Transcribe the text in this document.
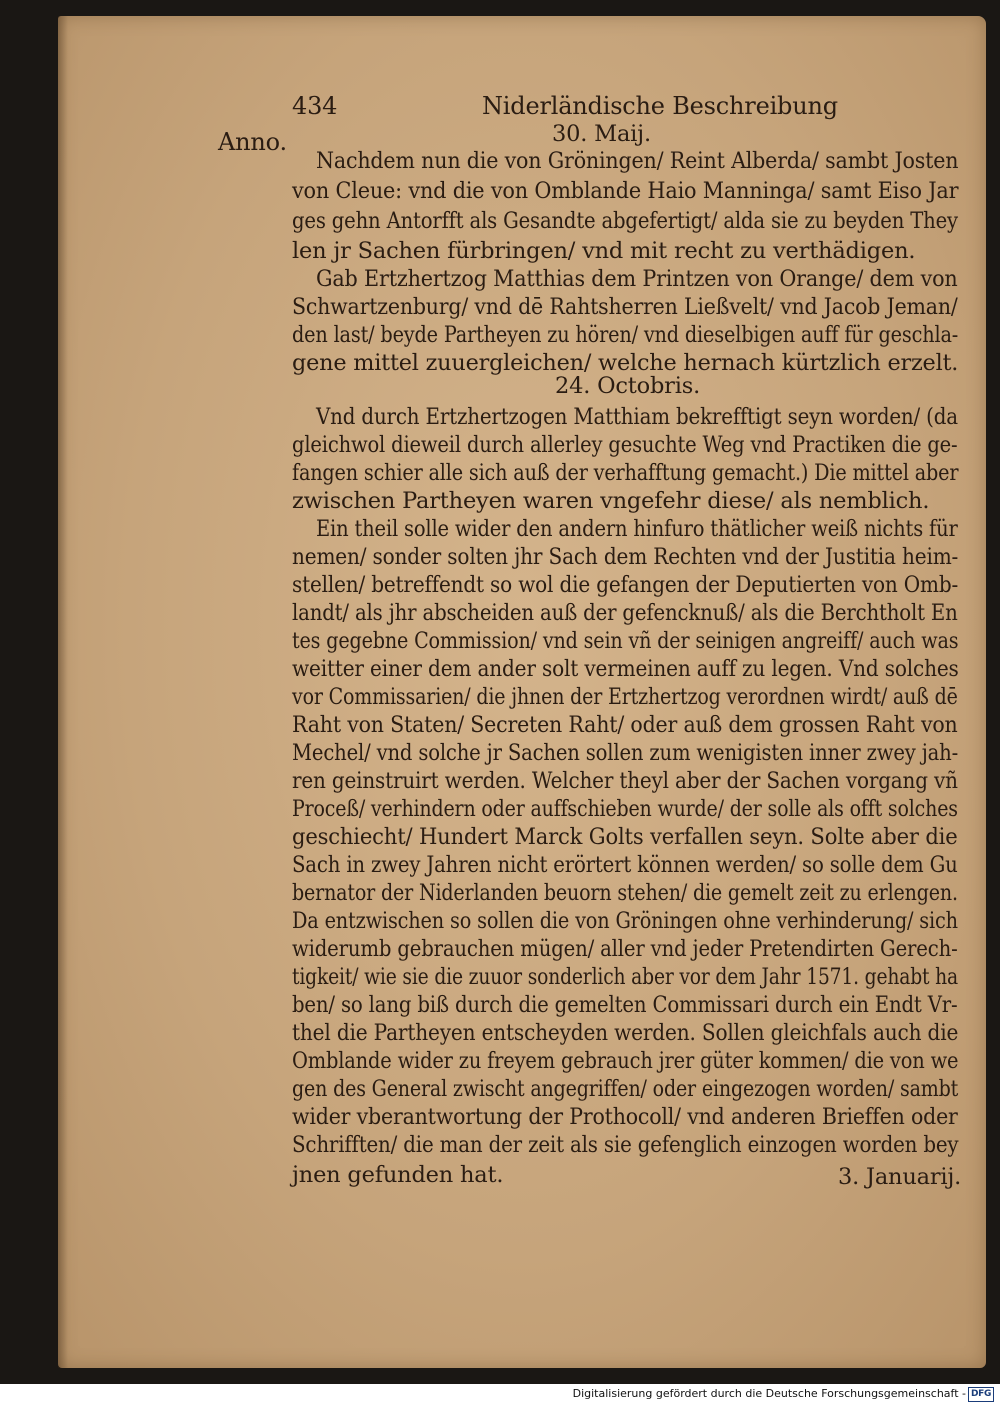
434	Niderländische Beschreibung
Anno.	30. Maij.
24. Octobris.
3. Januarij.
Nachdem nun die von Gröningen/ Reint Alberda/ sambt Josten
von Cleue: vnd die von Omblande Haio Manninga/ samt Eiso Jar
ges gehn Antorfft als Gesandte abgefertigt/ alda sie zu beyden They
len jr Sachen fürbringen/ vnd mit recht zu verthädigen.
Gab Ertzhertzog Matthias dem Printzen von Orange/ dem von
Schwartzenburg/ vnd dē Rahtsherren Ließvelt/ vnd Jacob Jeman/
den last/ beyde Partheyen zu hören/ vnd dieselbigen auff für geschla-
gene mittel zuuergleichen/ welche hernach kürtzlich erzelt.
Vnd durch Ertzhertzogen Matthiam bekrefftigt seyn worden/ (da
gleichwol dieweil durch allerley gesuchte Weg vnd Practiken die ge-
fangen schier alle sich auß der verhafftung gemacht.) Die mittel aber
zwischen Partheyen waren vngefehr diese/ als nemblich.
Ein theil solle wider den andern hinfuro thätlicher weiß nichts für
nemen/ sonder solten jhr Sach dem Rechten vnd der Justitia heim-
stellen/ betreffendt so wol die gefangen der Deputierten von Omb-
landt/ als jhr abscheiden auß der gefencknuß/ als die Berchtholt En
tes gegebne Commission/ vnd sein vñ der seinigen angreiff/ auch was
weitter einer dem ander solt vermeinen auff zu legen. Vnd solches
vor Commissarien/ die jhnen der Ertzhertzog verordnen wirdt/ auß dē
Raht von Staten/ Secreten Raht/ oder auß dem grossen Raht von
Mechel/ vnd solche jr Sachen sollen zum wenigisten inner zwey jah-
ren geinstruirt werden. Welcher theyl aber der Sachen vorgang vñ
Proceß/ verhindern oder auffschieben wurde/ der solle als offt solches
geschiecht/ Hundert Marck Golts verfallen seyn. Solte aber die
Sach in zwey Jahren nicht erörtert können werden/ so solle dem Gu
bernator der Niderlanden beuorn stehen/ die gemelt zeit zu erlengen.
Da entzwischen so sollen die von Gröningen ohne verhinderung/ sich
widerumb gebrauchen mügen/ aller vnd jeder Pretendirten Gerech-
tigkeit/ wie sie die zuuor sonderlich aber vor dem Jahr 1571. gehabt ha
ben/ so lang biß durch die gemelten Commissari durch ein Endt Vr-
thel die Partheyen entscheyden werden. Sollen gleichfals auch die
Omblande wider zu freyem gebrauch jrer güter kommen/ die von we
gen des General zwischt angegriffen/ oder eingezogen worden/ sambt
wider vberantwortung der Prothocoll/ vnd anderen Brieffen oder
Schrifften/ die man der zeit als sie gefenglich einzogen worden bey
jnen gefunden hat.
Digitalisierung gefördert durch die Deutsche Forschungsgemeinschaft - DFG
